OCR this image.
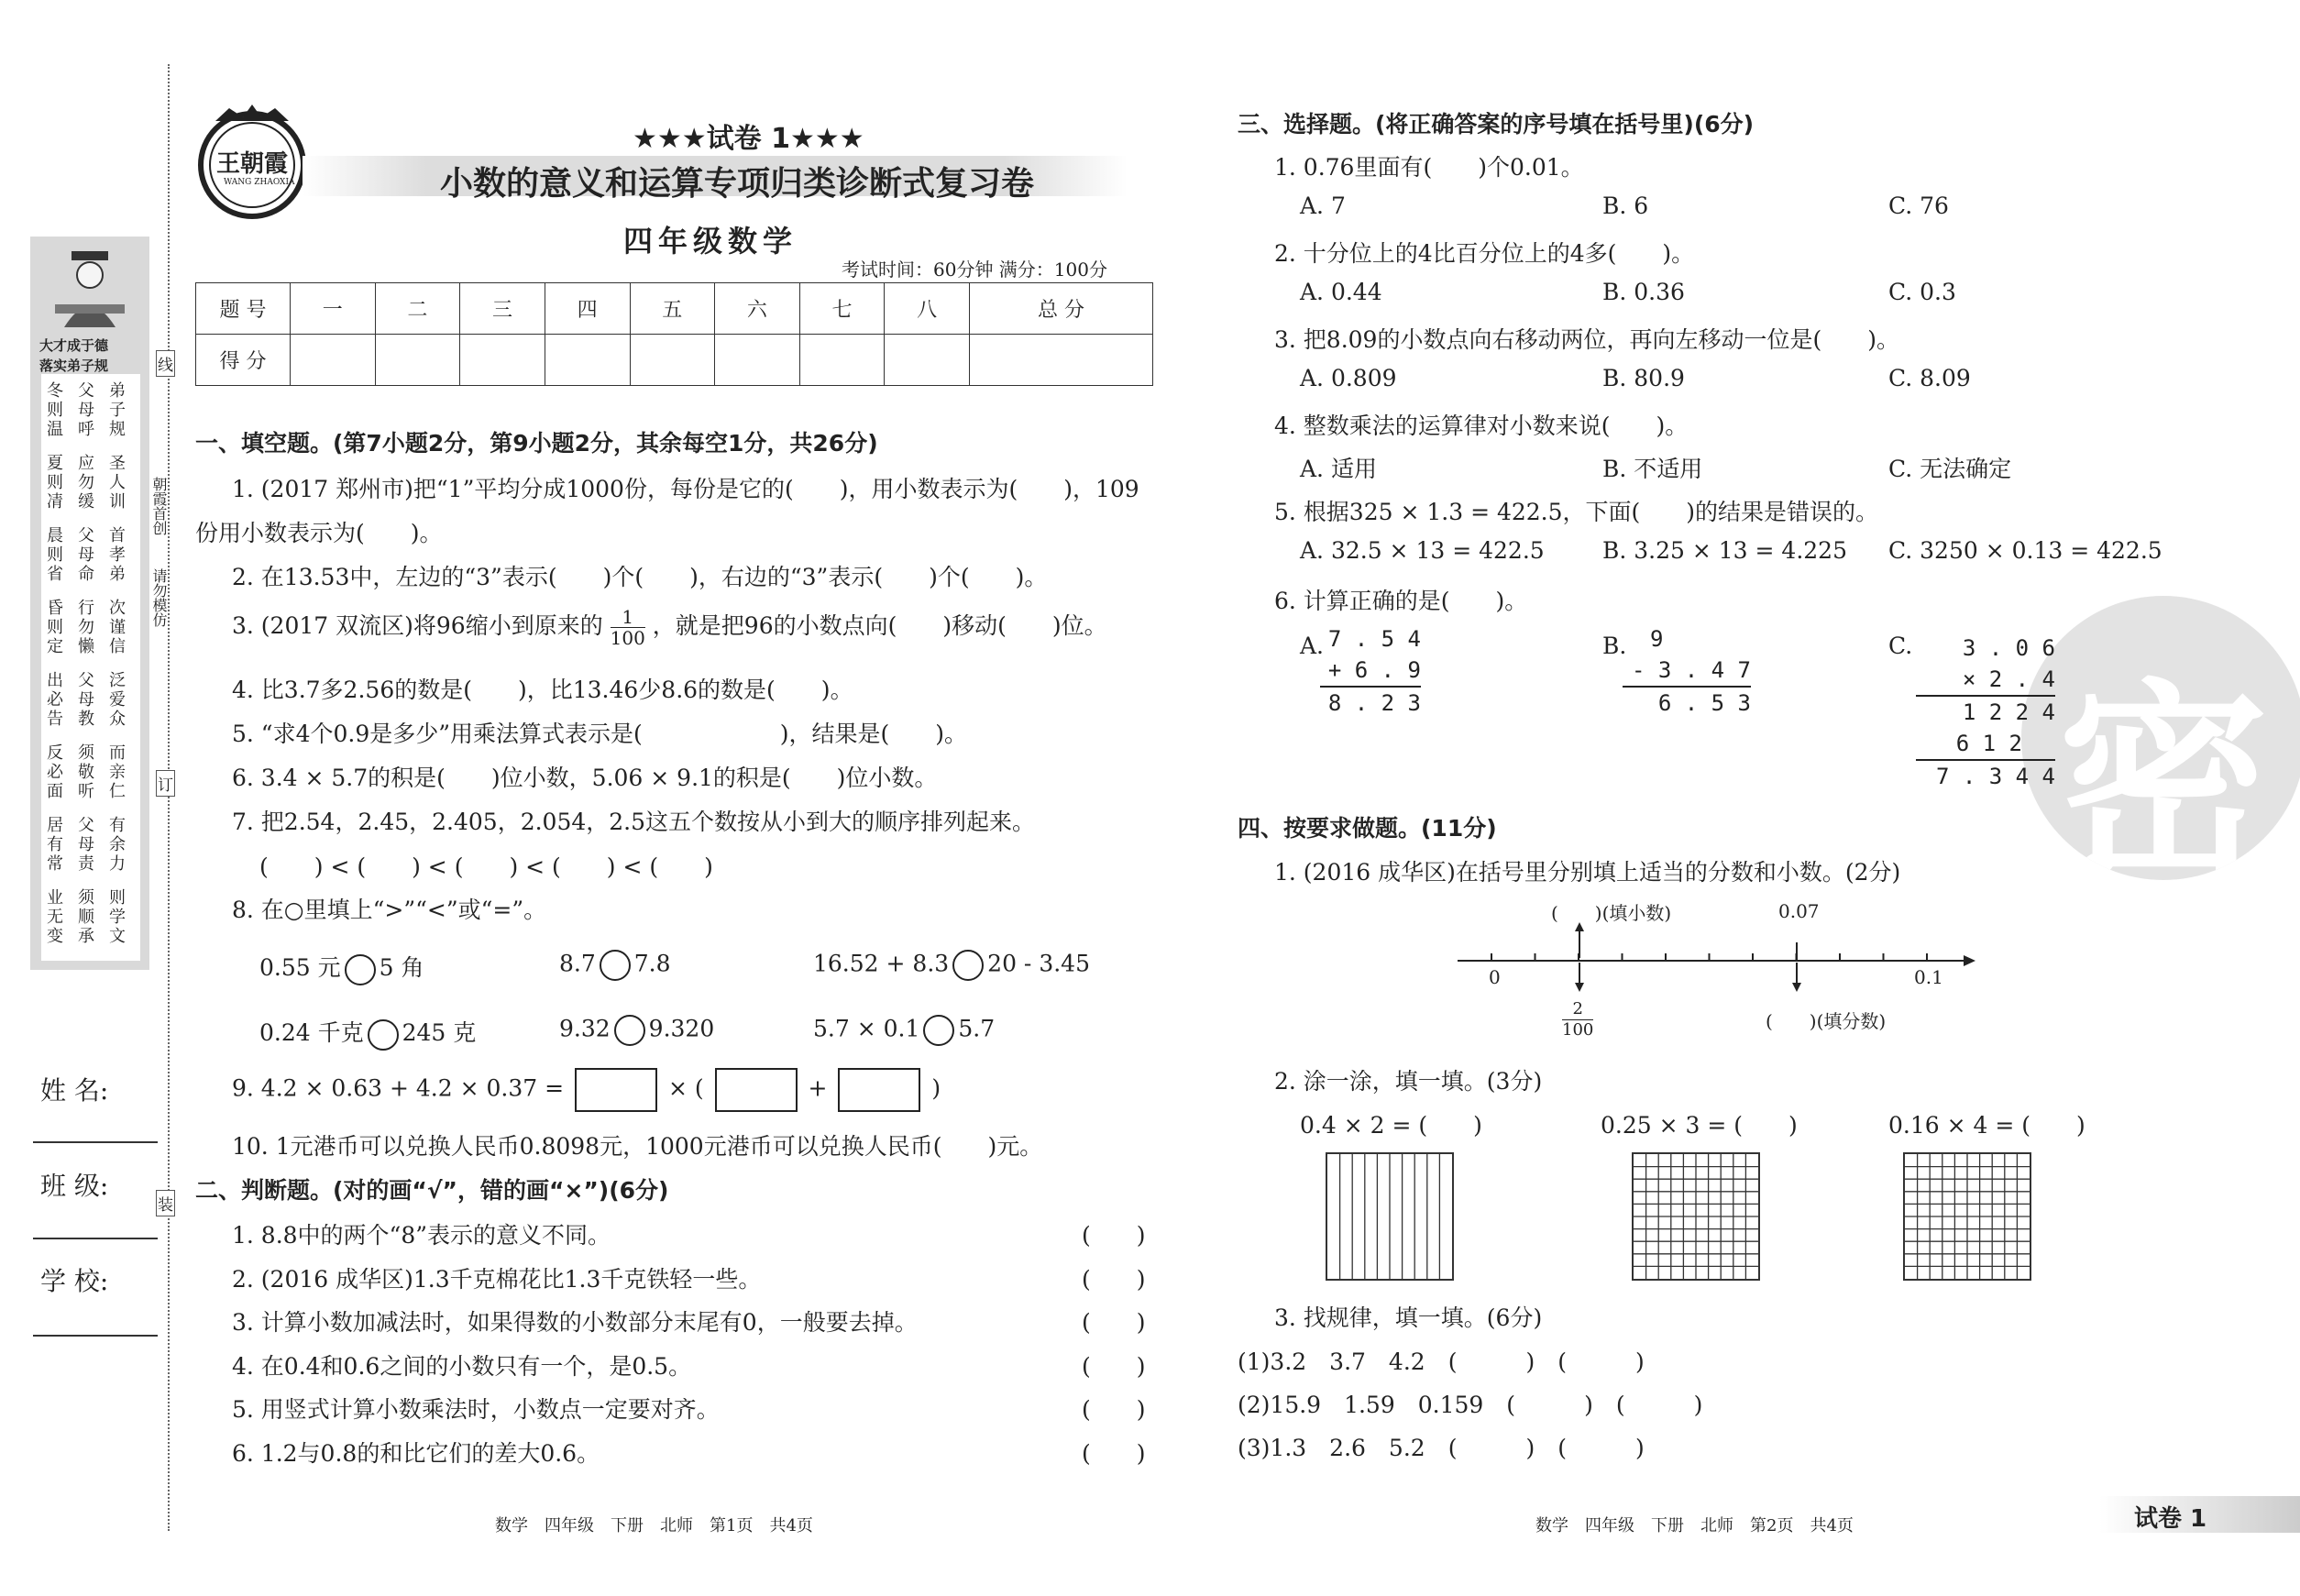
大才成于德
落实弟子规
冬则温
夏则凊
晨则省
昏则定
出必告
反必面
居有常
业无变
父母呼
应勿缓
父母命
行勿懒
父母教
须敬听
父母责
须顺承
弟子规
圣人训
首孝弟
次谨信
泛爱众
而亲仁
有余力
则学文
朝霞首创
请勿模仿
线
订
装
姓 名:
班 级:
学 校:
王朝霞
WANG ZHAOXIA
★★★试卷 1★★★
小数的意义和运算专项归类诊断式复习卷
四年级数学
考试时间：60分钟 满分：100分
题 号	一	二	三	四	五	六	七	八	总 分
得 分									
一、填空题。(第7小题2分，第9小题2分，其余每空1分，共26分)
1. (2017 郑州市)把“1”平均分成1000份，每份是它的(　　)，用小数表示为(　　)，109
份用小数表示为(　　)。
2. 在13.53中，左边的“3”表示(　　)个(　　)，右边的“3”表示(　　)个(　　)。
3. (2017 双流区)将96缩小到原来的 $\frac{1}{100}$ ，就是把96的小数点向(　　)移动(　　)位。
4. 比3.7多2.56的数是(　　)，比13.46少8.6的数是(　　)。
5. “求4个0.9是多少”用乘法算式表示是(　　　　　　)，结果是(　　)。
6. 3.4 × 5.7的积是(　　)位小数，5.06 × 9.1的积是(　　)位小数。
7. 把2.54，2.45，2.405，2.054，2.5这五个数按从小到大的顺序排列起来。
(　　) < (　　) < (　　) < (　　) < (　　)
8. 在○里填上“>”“<”或“=”。
0.55 元 5 角	8.7 7.8	16.52 + 8.3 20 - 3.45
0.24 千克 245 克	9.32 9.320	5.7 × 0.1 5.7
9. 4.2 × 0.63 + 4.2 × 0.37 =	× (	+	)
10. 1元港币可以兑换人民币0.8098元，1000元港币可以兑换人民币(　　)元。
二、判断题。(对的画“√”，错的画“×”)(6分)
1. 8.8中的两个“8”表示的意义不同。	(　　)
2. (2016 成华区)1.3千克棉花比1.3千克铁轻一些。	(　　)
3. 计算小数加减法时，如果得数的小数部分末尾有0，一般要去掉。	(　　)
4. 在0.4和0.6之间的小数只有一个，是0.5。	(　　)
5. 用竖式计算小数乘法时，小数点一定要对齐。	(　　)
6. 1.2与0.8的和比它们的差大0.6。	(　　)
数学　四年级　下册　北师　第1页　共4页
密
三、选择题。(将正确答案的序号填在括号里)(6分)
1. 0.76里面有(　　)个0.01。
A. 7	B. 6	C. 76
2. 十分位上的4比百分位上的4多(　　)。
A. 0.44	B. 0.36	C. 0.3
3. 把8.09的小数点向右移动两位，再向左移动一位是(　　)。
A. 0.809	B. 80.9	C. 8.09
4. 整数乘法的运算律对小数来说(　　)。
A. 适用	B. 不适用	C. 无法确定
5. 根据325 × 1.3 = 422.5，下面(　　)的结果是错误的。
A. 32.5 × 13 = 422.5	B. 3.25 × 13 = 4.225 C. 3250 × 0.13 = 422.5
6. 计算正确的是(　　)。
A. 7 . 5 4
+ 6 . 9
8 . 2 3
B.	9
- 3 . 4 7
6 . 5 3
C.	3 . 0 6
× 2 . 4
1 2 2 4
6 1 2
7 . 3 4 4
四、按要求做题。(11分)
1. (2016 成华区)在括号里分别填上适当的分数和小数。(2分)
(　　)(填小数)	0.07
0	0.1
2
100	(　　)(填分数)
2. 涂一涂，填一填。(3分)
0.4 × 2 = (　　)	0.25 × 3 = (　　)	0.16 × 4 = (　　)
3. 找规律，填一填。(6分)
(1)3.2　3.7　4.2　(　　　)　(　　　)
(2)15.9　1.59　0.159　(　　　)　(　　　)
(3)1.3　2.6　5.2　(　　　)　(　　　)
数学　四年级　下册　北师　第2页　共4页	试卷 1
